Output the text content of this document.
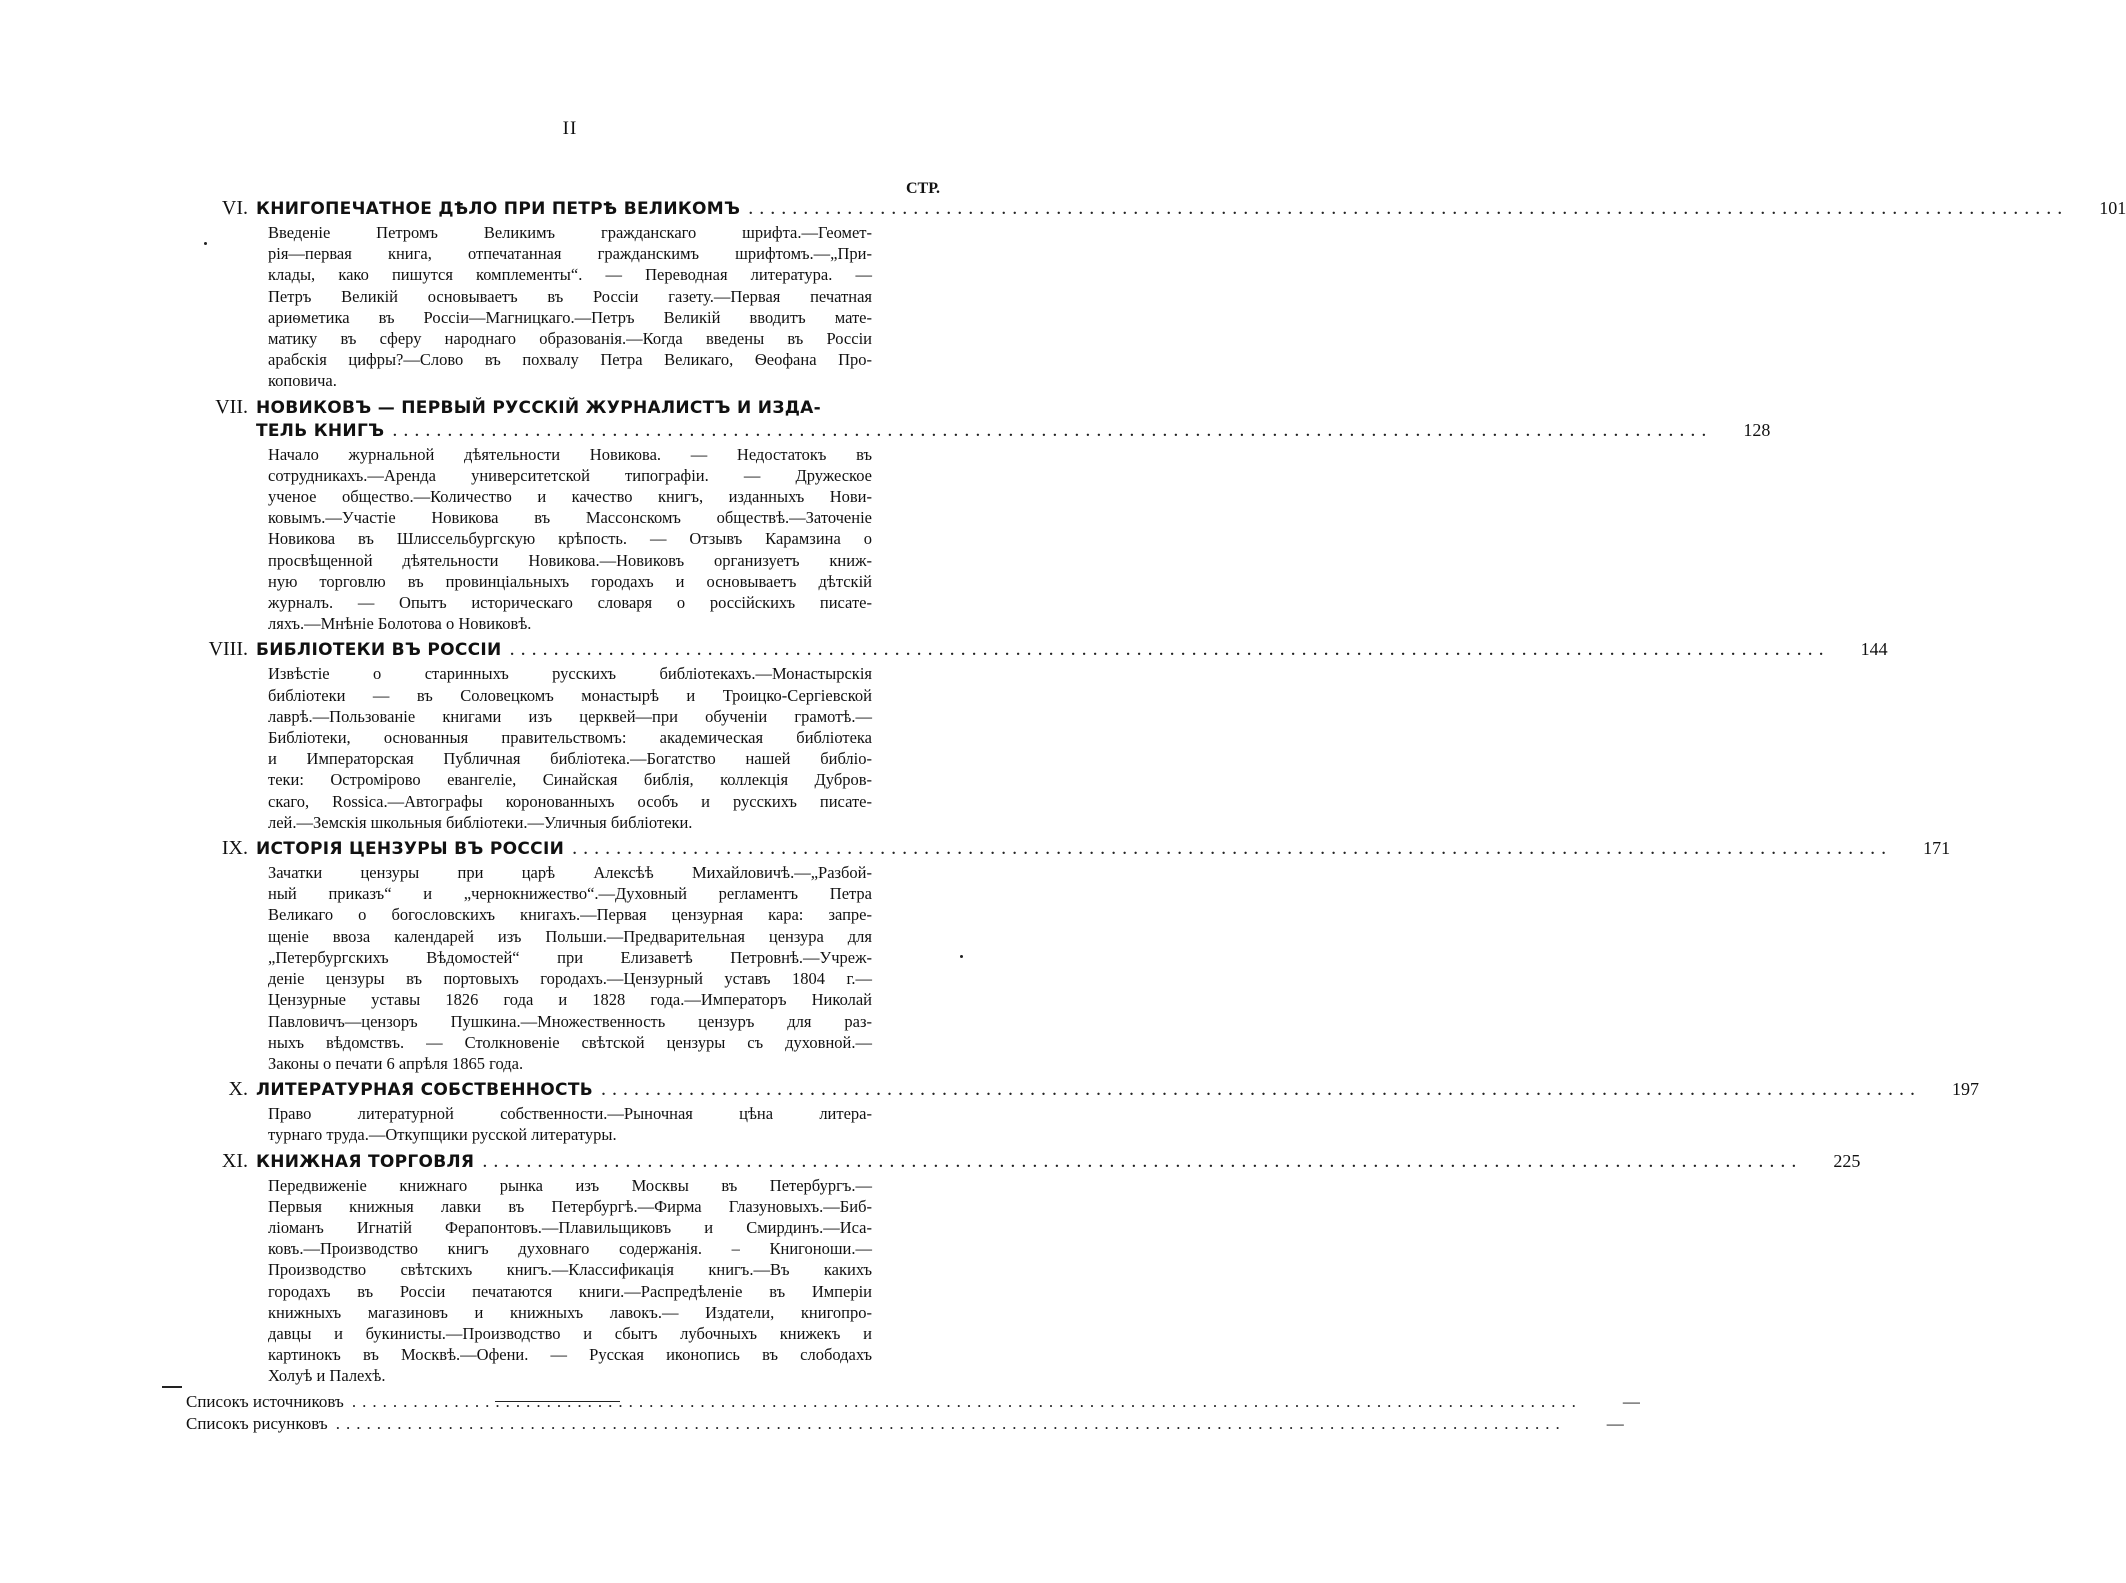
II
СТР.
VI. КНИГОПЕЧАТНОЕ ДѢЛО ПРИ ПЕТРѢ ВЕЛИКОМЪ ........................................................................................................................	101
Введеніе Петромъ Великимъ гражданскаго шрифта.—Геомет-
рія—первая книга, отпечатанная гражданскимъ шрифтомъ.—„При-
клады, како пишутся комплементы“. — Переводная литература. —
Петръ Великій основываетъ въ Россіи газету.—Первая печатная
ариѳметика въ Россіи—Магницкаго.—Петръ Великій вводитъ мате-
матику въ сферу народнаго образованія.—Когда введены въ Россіи
арабскія цифры?—Слово въ похвалу Петра Великаго, Ѳеофана Про-
коповича.
VII. НОВИКОВЪ — ПЕРВЫЙ РУССКІЙ ЖУРНАЛИСТЪ И ИЗДА-
ТЕЛЬ КНИГЪ ........................................................................................................................	128
Начало журнальной дѣятельности Новикова. — Недостатокъ въ
сотрудникахъ.—Аренда университетской типографіи. — Дружеское
ученое общество.—Количество и качество книгъ, изданныхъ Нови-
ковымъ.—Участіе Новикова въ Массонскомъ обществѣ.—Заточеніе
Новикова въ Шлиссельбургскую крѣпость. — Отзывъ Карамзина о
просвѣщенной дѣятельности Новикова.—Новиковъ организуетъ книж-
ную торговлю въ провинціальныхъ городахъ и основываетъ дѣтскій
журналъ. — Опытъ историческаго словаря о россійскихъ писате-
ляхъ.—Мнѣніе Болотова о Новиковѣ.
VIII. БИБЛІОТЕКИ ВЪ РОССІИ ........................................................................................................................	144
Извѣстіе о старинныхъ русскихъ библіотекахъ.—Монастырскія
библіотеки — въ Соловецкомъ монастырѣ и Троицко-Сергіевской
лаврѣ.—Пользованіе книгами изъ церквей—при обученіи грамотѣ.—
Библіотеки, основанныя правительствомъ: академическая библіотека
и Императорская Публичная библіотека.—Богатство нашей библіо-
теки: Остромірово евангеліе, Синайская библія, коллекція Дубров-
скаго, Rossica.—Автографы коронованныхъ особъ и русскихъ писате-
лей.—Земскія школьныя библіотеки.—Уличныя библіотеки.
IX. ИСТОРІЯ ЦЕНЗУРЫ ВЪ РОССІИ ........................................................................................................................	171
Зачатки цензуры при царѣ Алексѣѣ Михайловичѣ.—„Разбой-
ный приказъ“ и „чернокнижество“.—Духовный регламентъ Петра
Великаго о богословскихъ книгахъ.—Первая цензурная кара: запре-
щеніе ввоза календарей изъ Польши.—Предварительная цензура для
„Петербургскихъ Вѣдомостей“ при Елизаветѣ Петровнѣ.—Учреж-
деніе цензуры въ портовыхъ городахъ.—Цензурный уставъ 1804 г.—
Цензурные уставы 1826 года и 1828 года.—Императоръ Николай
Павловичъ—цензоръ Пушкина.—Множественность цензуръ для раз-
ныхъ вѣдомствъ. — Столкновеніе свѣтской цензуры съ духовной.—
Законы о печати 6 апрѣля 1865 года.
X. ЛИТЕРАТУРНАЯ СОБСТВЕННОСТЬ ........................................................................................................................	197
Право литературной собственности.—Рыночная цѣна литера-
турнаго труда.—Откупщики русской литературы.
XI. КНИЖНАЯ ТОРГОВЛЯ ........................................................................................................................	225
Передвиженіе книжнаго рынка изъ Москвы въ Петербургъ.—
Первыя книжныя лавки въ Петербургѣ.—Фирма Глазуновыхъ.—Биб-
ліоманъ Игнатій Ферапонтовъ.—Плавильщиковъ и Смирдинъ.—Иса-
ковъ.—Производство книгъ духовнаго содержанія. – Книгоноши.—
Производство свѣтскихъ книгъ.—Классификація книгъ.—Въ какихъ
городахъ въ Россіи печатаются книги.—Распредѣленіе въ Имперіи
книжныхъ магазиновъ и книжныхъ лавокъ.— Издатели, книгопро-
давцы и букинисты.—Производство и сбытъ лубочныхъ книжекъ и
картинокъ въ Москвѣ.—Офени. — Русская иконопись въ слободахъ
Холуѣ и Палехѣ.
Списокъ источниковъ ........................................................................................................................	—
Списокъ рисунковъ ........................................................................................................................	—
